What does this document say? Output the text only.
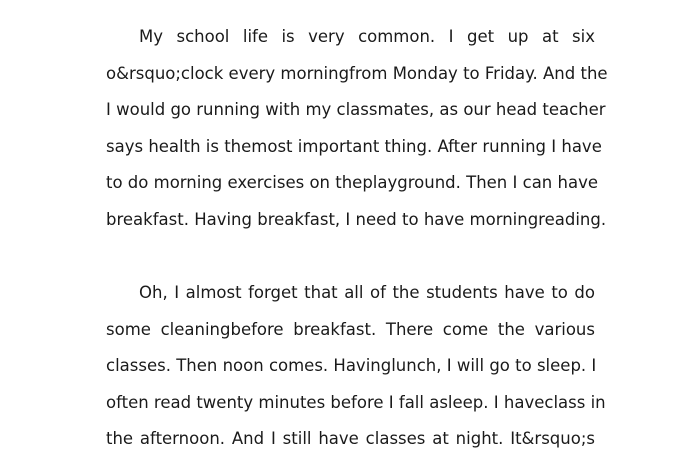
My school life is very common. I get up at six
o&rsquo;clock every morningfrom Monday to Friday. And the
I would go running with my classmates, as our head teacher
says health is themost important thing. After running I have
to do morning exercises on theplayground. Then I can have
breakfast. Having breakfast, I need to have morningreading.
Oh, I almost forget that all of the students have to do
some cleaningbefore breakfast. There come the various
classes. Then noon comes. Havinglunch, I will go to sleep. I
often read twenty minutes before I fall asleep. I haveclass in
the afternoon. And I still have classes at night. It&rsquo;s
